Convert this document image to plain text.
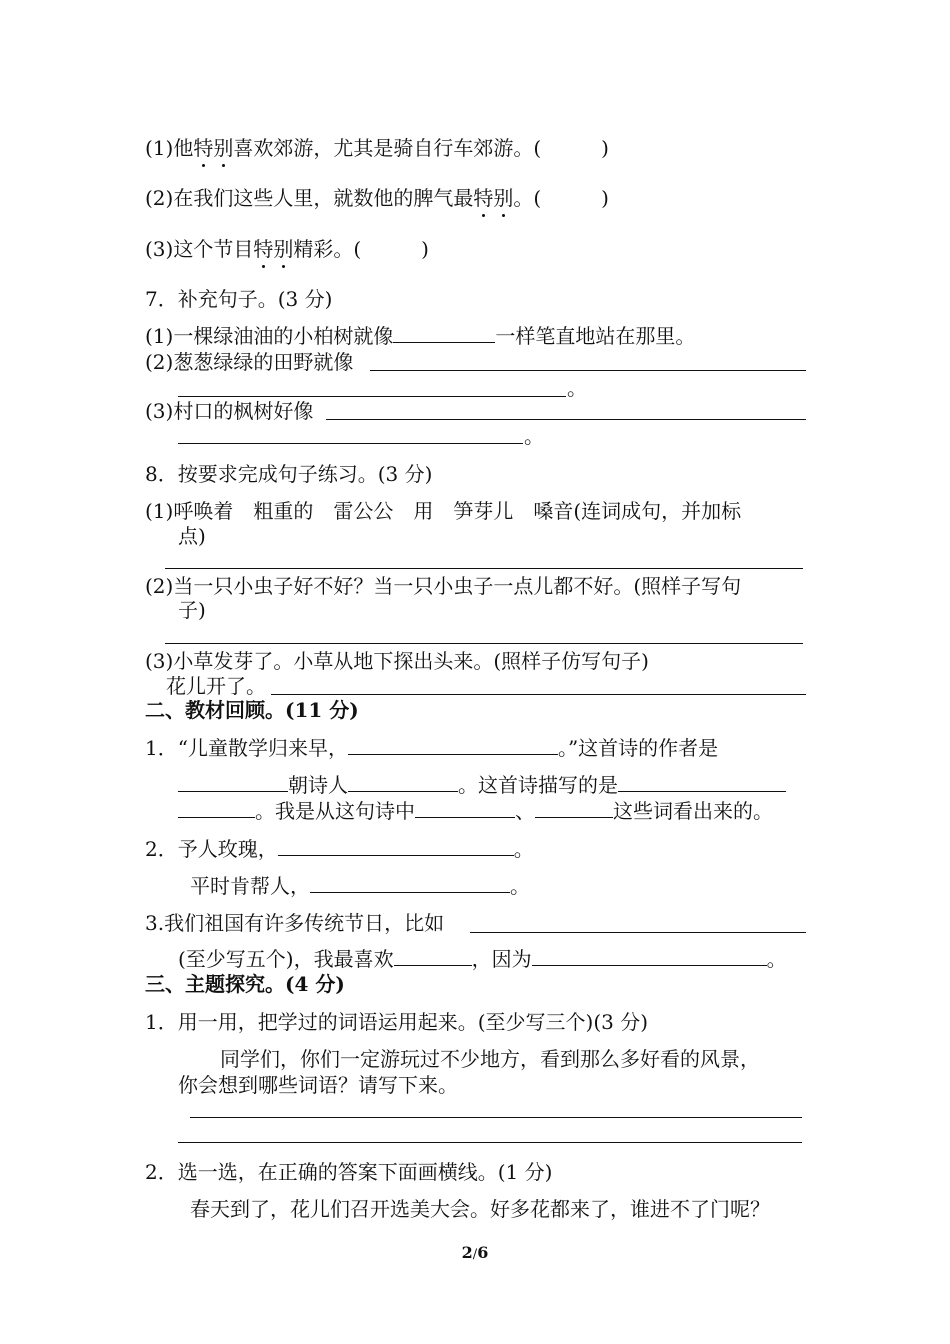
(1)他特别喜欢郊游，尤其是骑自行车郊游。(	)
(2)在我们这些人里，就数他的脾气最特别。(	)
(3)这个节目特别精彩。(	)
7．补充句子。(3 分)
(1)一棵绿油油的小柏树就像	一样笔直地站在那里。
(2)葱葱绿绿的田野就像
。
(3)村口的枫树好像
。
8．按要求完成句子练习。(3 分)
(1)呼唤着　粗重的　雷公公　用　笋芽儿　嗓音(连词成句，并加标
点)
(2)当一只小虫子好不好？当一只小虫子一点儿都不好。(照样子写句
子)
(3)小草发芽了。小草从地下探出头来。(照样子仿写句子)
花儿开了。
二、教材回顾。(11 分)
1．“儿童散学归来早，	。”这首诗的作者是
朝诗人	。这首诗描写的是
。我是从这句诗中	、	这些词看出来的。
2．予人玫瑰，	。
平时肯帮人，	。
3.我们祖国有许多传统节日，比如
(至少写五个)，我最喜欢	，因为	。
三、主题探究。(4 分)
1．用一用，把学过的词语运用起来。(至少写三个)(3 分)
同学们，你们一定游玩过不少地方，看到那么多好看的风景，
你会想到哪些词语？请写下来。
2．选一选，在正确的答案下面画横线。(1 分)
春天到了，花儿们召开选美大会。好多花都来了，谁进不了门呢？
2/6
